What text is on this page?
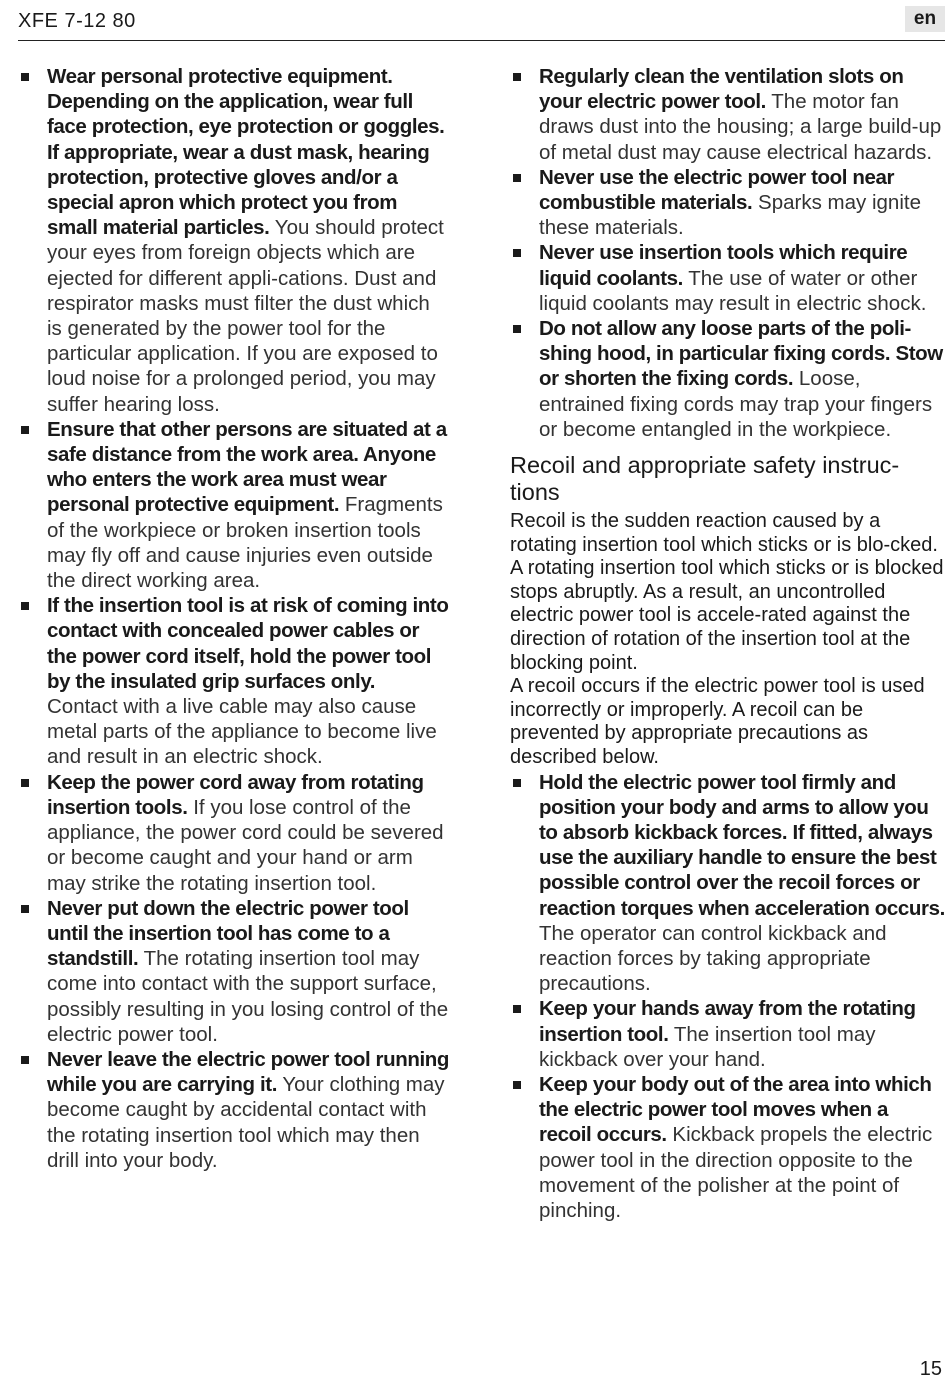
XFE 7-12 80	en
Wear personal protective equipment. Depending on the application, wear full face protection, eye protection or goggles. If appropriate, wear a dust mask, hearing protection, protective gloves and/or a special apron which protect you from small material particles. You should protect your eyes from foreign objects which are ejected for different appli-cations. Dust and respirator masks must filter the dust which is generated by the power tool for the particular application. If you are exposed to loud noise for a prolonged period, you may suffer hearing loss.
Ensure that other persons are situated at a safe distance from the work area. Anyone who enters the work area must wear personal protective equipment. Fragments of the workpiece or broken insertion tools may fly off and cause injuries even outside the direct working area.
If the insertion tool is at risk of coming into contact with concealed power cables or the power cord itself, hold the power tool by the insulated grip surfaces only. Contact with a live cable may also cause metal parts of the appliance to become live and result in an electric shock.
Keep the power cord away from rotating insertion tools. If you lose control of the appliance, the power cord could be severed or become caught and your hand or arm may strike the rotating insertion tool.
Never put down the electric power tool until the insertion tool has come to a standstill. The rotating insertion tool may come into contact with the support surface, possibly resulting in you losing control of the electric power tool.
Never leave the electric power tool running while you are carrying it. Your clothing may become caught by accidental contact with the rotating insertion tool which may then drill into your body.
Regularly clean the ventilation slots on your electric power tool. The motor fan draws dust into the housing; a large build-up of metal dust may cause electrical hazards.
Never use the electric power tool near combustible materials. Sparks may ignite these materials.
Never use insertion tools which require liquid coolants. The use of water or other liquid coolants may result in electric shock.
Do not allow any loose parts of the poli-shing hood, in particular fixing cords. Stow or shorten the fixing cords. Loose, entrained fixing cords may trap your fingers or become entangled in the workpiece.
Recoil and appropriate safety instruc-tions
Recoil is the sudden reaction caused by a rotating insertion tool which sticks or is blo-cked. A rotating insertion tool which sticks or is blocked stops abruptly. As a result, an uncontrolled electric power tool is accele-rated against the direction of rotation of the insertion tool at the blocking point.
A recoil occurs if the electric power tool is used incorrectly or improperly. A recoil can be prevented by appropriate precautions as described below.
Hold the electric power tool firmly and position your body and arms to allow you to absorb kickback forces. If fitted, always use the auxiliary handle to ensure the best possible control over the recoil forces or reaction torques when acceleration occurs. The operator can control kickback and reaction forces by taking appropriate precautions.
Keep your hands away from the rotating insertion tool. The insertion tool may kickback over your hand.
Keep your body out of the area into which the electric power tool moves when a recoil occurs. Kickback propels the electric power tool in the direction opposite to the movement of the polisher at the point of pinching.
15
